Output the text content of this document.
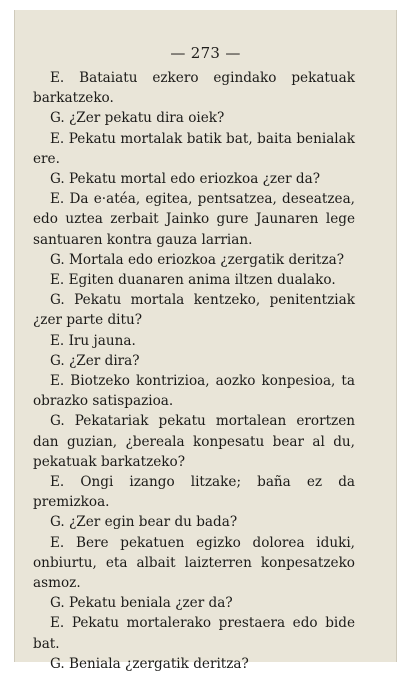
— 273 —

E. Bataiatu ezkero egindako pekatuak barkatzeko.

G. ¿Zer pekatu dira oiek?

E. Pekatu mortalak batik bat, baita benialak ere.

G. Pekatu mortal edo eriozkoa ¿zer da?

E. Da e·atéa, egitea, pentsatzea, deseatzea, edo uztea zerbait Jainko gure Jaunaren lege santuaren kontra gauza larrian.

G. Mortala edo eriozkoa ¿zergatik deritza?

E. Egiten duanaren anima iltzen dualako.

G. Pekatu mortala kentzeko, penitentziak ¿zer parte ditu?

E. Iru jauna.

G. ¿Zer dira?

E. Biotzeko kontrizioa, aozko konpesioa, ta obrazko satispazioa.

G. Pekatariak pekatu mortalean erortzen dan guzian, ¿bereala konpesatu bear al du, pekatuak barkatzeko?

E. Ongi izango litzake; baña ez da premizkoa.

G. ¿Zer egin bear du bada?

E. Bere pekatuen egizko dolorea iduki, onbiurtu, eta albait laizterren konpesatzeko asmoz.

G. Pekatu beniala ¿zer da?

E. Pekatu mortalerako prestaera edo bide bat.

G. Beniala ¿zergatik deritza?
